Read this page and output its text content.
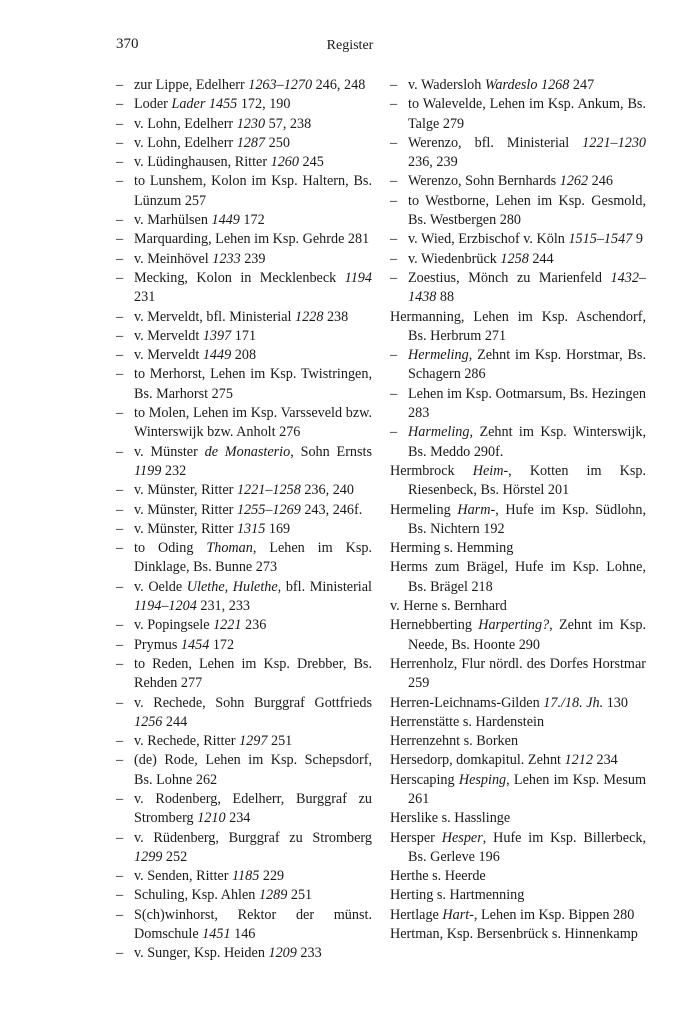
370	Register
– zur Lippe, Edelherr 1263–1270 246, 248
– Loder Lader 1455 172, 190
– v. Lohn, Edelherr 1230 57, 238
– v. Lohn, Edelherr 1287 250
– v. Lüdinghausen, Ritter 1260 245
– to Lunshem, Kolon im Ksp. Haltern, Bs. Lünzum 257
– v. Marhülsen 1449 172
– Marquarding, Lehen im Ksp. Gehrde 281
– v. Meinhövel 1233 239
– Mecking, Kolon in Mecklenbeck 1194 231
– v. Merveldt, bfl. Ministerial 1228 238
– v. Merveldt 1397 171
– v. Merveldt 1449 208
– to Merhorst, Lehen im Ksp. Twistringen, Bs. Marhorst 275
– to Molen, Lehen im Ksp. Varsseveld bzw. Winterswijk bzw. Anholt 276
– v. Münster de Monasterio, Sohn Ernsts 1199 232
– v. Münster, Ritter 1221–1258 236, 240
– v. Münster, Ritter 1255–1269 243, 246f.
– v. Münster, Ritter 1315 169
– to Oding Thoman, Lehen im Ksp. Dinklage, Bs. Bunne 273
– v. Oelde Ulethe, Hulethe, bfl. Ministerial 1194–1204 231, 233
– v. Popingsele 1221 236
– Prymus 1454 172
– to Reden, Lehen im Ksp. Drebber, Bs. Rehden 277
– v. Rechede, Sohn Burggraf Gottfrieds 1256 244
– v. Rechede, Ritter 1297 251
– (de) Rode, Lehen im Ksp. Schepsdorf, Bs. Lohne 262
– v. Rodenberg, Edelherr, Burggraf zu Stromberg 1210 234
– v. Rüdenberg, Burggraf zu Stromberg 1299 252
– v. Senden, Ritter 1185 229
– Schuling, Ksp. Ahlen 1289 251
– S(ch)winhorst, Rektor der münst. Domschule 1451 146
– v. Sunger, Ksp. Heiden 1209 233
– v. Wadersloh Wardeslo 1268 247
– to Walevelde, Lehen im Ksp. Ankum, Bs. Talge 279
– Werenzo, bfl. Ministerial 1221–1230 236, 239
– Werenzo, Sohn Bernhards 1262 246
– to Westborne, Lehen im Ksp. Gesmold, Bs. Westbergen 280
– v. Wied, Erzbischof v. Köln 1515–1547 9
– v. Wiedenbrück 1258 244
– Zoestius, Mönch zu Marienfeld 1432–1438 88
Hermanning, Lehen im Ksp. Aschendorf, Bs. Herbrum 271
– Hermeling, Zehnt im Ksp. Horstmar, Bs. Schagern 286
– Lehen im Ksp. Ootmarsum, Bs. Hezingen 283
– Harmeling, Zehnt im Ksp. Winterswijk, Bs. Meddo 290f.
Hermbrock Heim-, Kotten im Ksp. Riesenbeck, Bs. Hörstel 201
Hermeling Harm-, Hufe im Ksp. Südlohn, Bs. Nichtern 192
Herming s. Hemming
Herms zum Brägel, Hufe im Ksp. Lohne, Bs. Brägel 218
v. Herne s. Bernhard
Hernebberting Harperting?, Zehnt im Ksp. Neede, Bs. Hoonte 290
Herrenholz, Flur nördl. des Dorfes Horstmar 259
Herren-Leichnams-Gilden 17./18. Jh. 130
Herrenstätte s. Hardenstein
Herrenzehnt s. Borken
Hersedorp, domkapitul. Zehnt 1212 234
Herscaping Hesping, Lehen im Ksp. Mesum 261
Herslike s. Hasslinge
Hersper Hesper, Hufe im Ksp. Billerbeck, Bs. Gerleve 196
Herthe s. Heerde
Herting s. Hartmenning
Hertlage Hart-, Lehen im Ksp. Bippen 280
Hertman, Ksp. Bersenbrück s. Hinnenkamp
